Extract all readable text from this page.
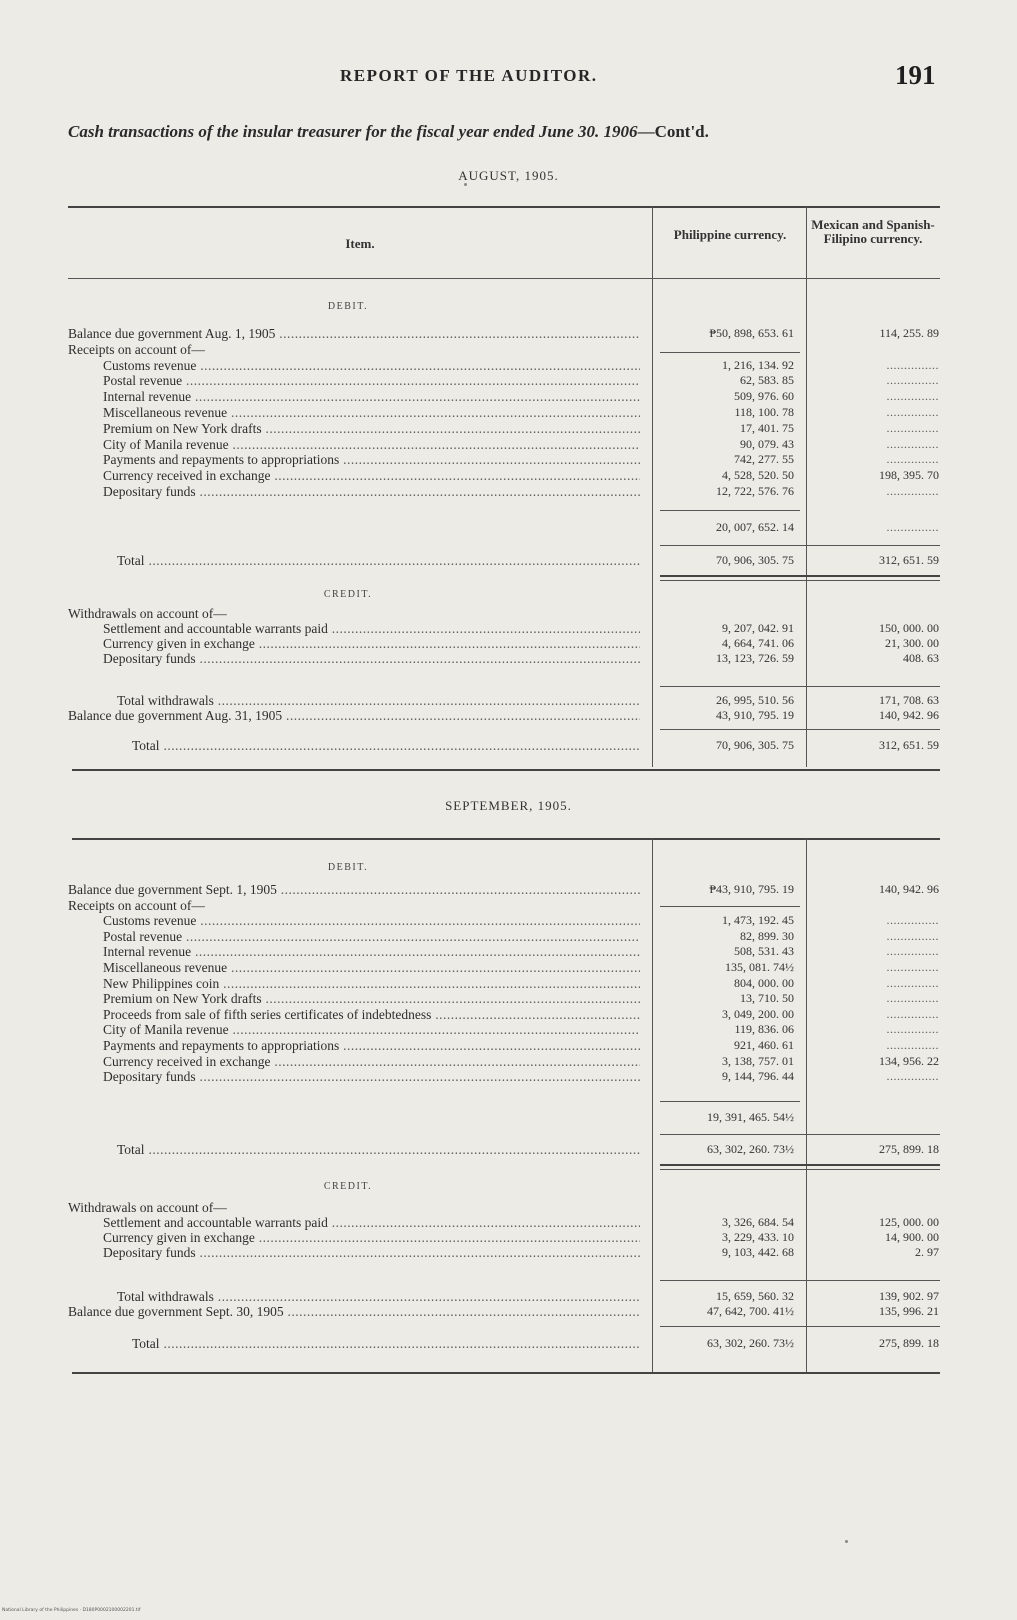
REPORT OF THE AUDITOR.	191
Cash transactions of the insular treasurer for the fiscal year ended June 30. 1906—Cont'd.
AUGUST, 1905.
Item.
Philippine currency.
Mexican and Spanish-Filipino currency.
DEBIT.
Balance due government Aug. 1, 1905 .....	₱50, 898, 653. 61	114, 255. 89
Receipts on account of—
Customs revenue .....	1, 216, 134. 92	...............
Postal revenue .....	62, 583. 85	...............
Internal revenue .....	509, 976. 60	...............
Miscellaneous revenue .....	118, 100. 78	...............
Premium on New York drafts .....	17, 401. 75	...............
City of Manila revenue .....	90, 079. 43	...............
Payments and repayments to appropriations .....	742, 277. 55	...............
Currency received in exchange .....	4, 528, 520. 50	198, 395. 70
Depositary funds .....	12, 722, 576. 76	...............
20, 007, 652. 14	...............
Total .....	70, 906, 305. 75	312, 651. 59
CREDIT.
Withdrawals on account of—
Settlement and accountable warrants paid .....	9, 207, 042. 91	150, 000. 00
Currency given in exchange .....	4, 664, 741. 06	21, 300. 00
Depositary funds .....	13, 123, 726. 59	408. 63
Total withdrawals .....	26, 995, 510. 56	171, 708. 63
Balance due government Aug. 31, 1905 .....	43, 910, 795. 19	140, 942. 96
Total .....	70, 906, 305. 75	312, 651. 59
SEPTEMBER, 1905.
DEBIT.
Balance due government Sept. 1, 1905 .....	₱43, 910, 795. 19	140, 942. 96
Receipts on account of—
Customs revenue .....	1, 473, 192. 45	...............
Postal revenue .....	82, 899. 30	...............
Internal revenue .....	508, 531. 43	...............
Miscellaneous revenue .....	135, 081. 74½	...............
New Philippines coin .....	804, 000. 00	...............
Premium on New York drafts .....	13, 710. 50	...............
Proceeds from sale of fifth series certificates of indebtedness .....	3, 049, 200. 00	...............
City of Manila revenue .....	119, 836. 06	...............
Payments and repayments to appropriations .....	921, 460. 61	...............
Currency received in exchange .....	3, 138, 757. 01	134, 956. 22
Depositary funds .....	9, 144, 796. 44	...............
19, 391, 465. 54½
Total .....	63, 302, 260. 73½	275, 899. 18
CREDIT.
Withdrawals on account of—
Settlement and accountable warrants paid .....	3, 326, 684. 54	125, 000. 00
Currency given in exchange .....	3, 229, 433. 10	14, 900. 00
Depositary funds .....	9, 103, 442. 68	2. 97
Total withdrawals .....	15, 659, 560. 32	139, 902. 97
Balance due government Sept. 30, 1905 .....	47, 642, 700. 41½	135, 996. 21
Total .....	63, 302, 260. 73½	275, 899. 18
National Library of the Philippines · D180P0002100002201.tif
